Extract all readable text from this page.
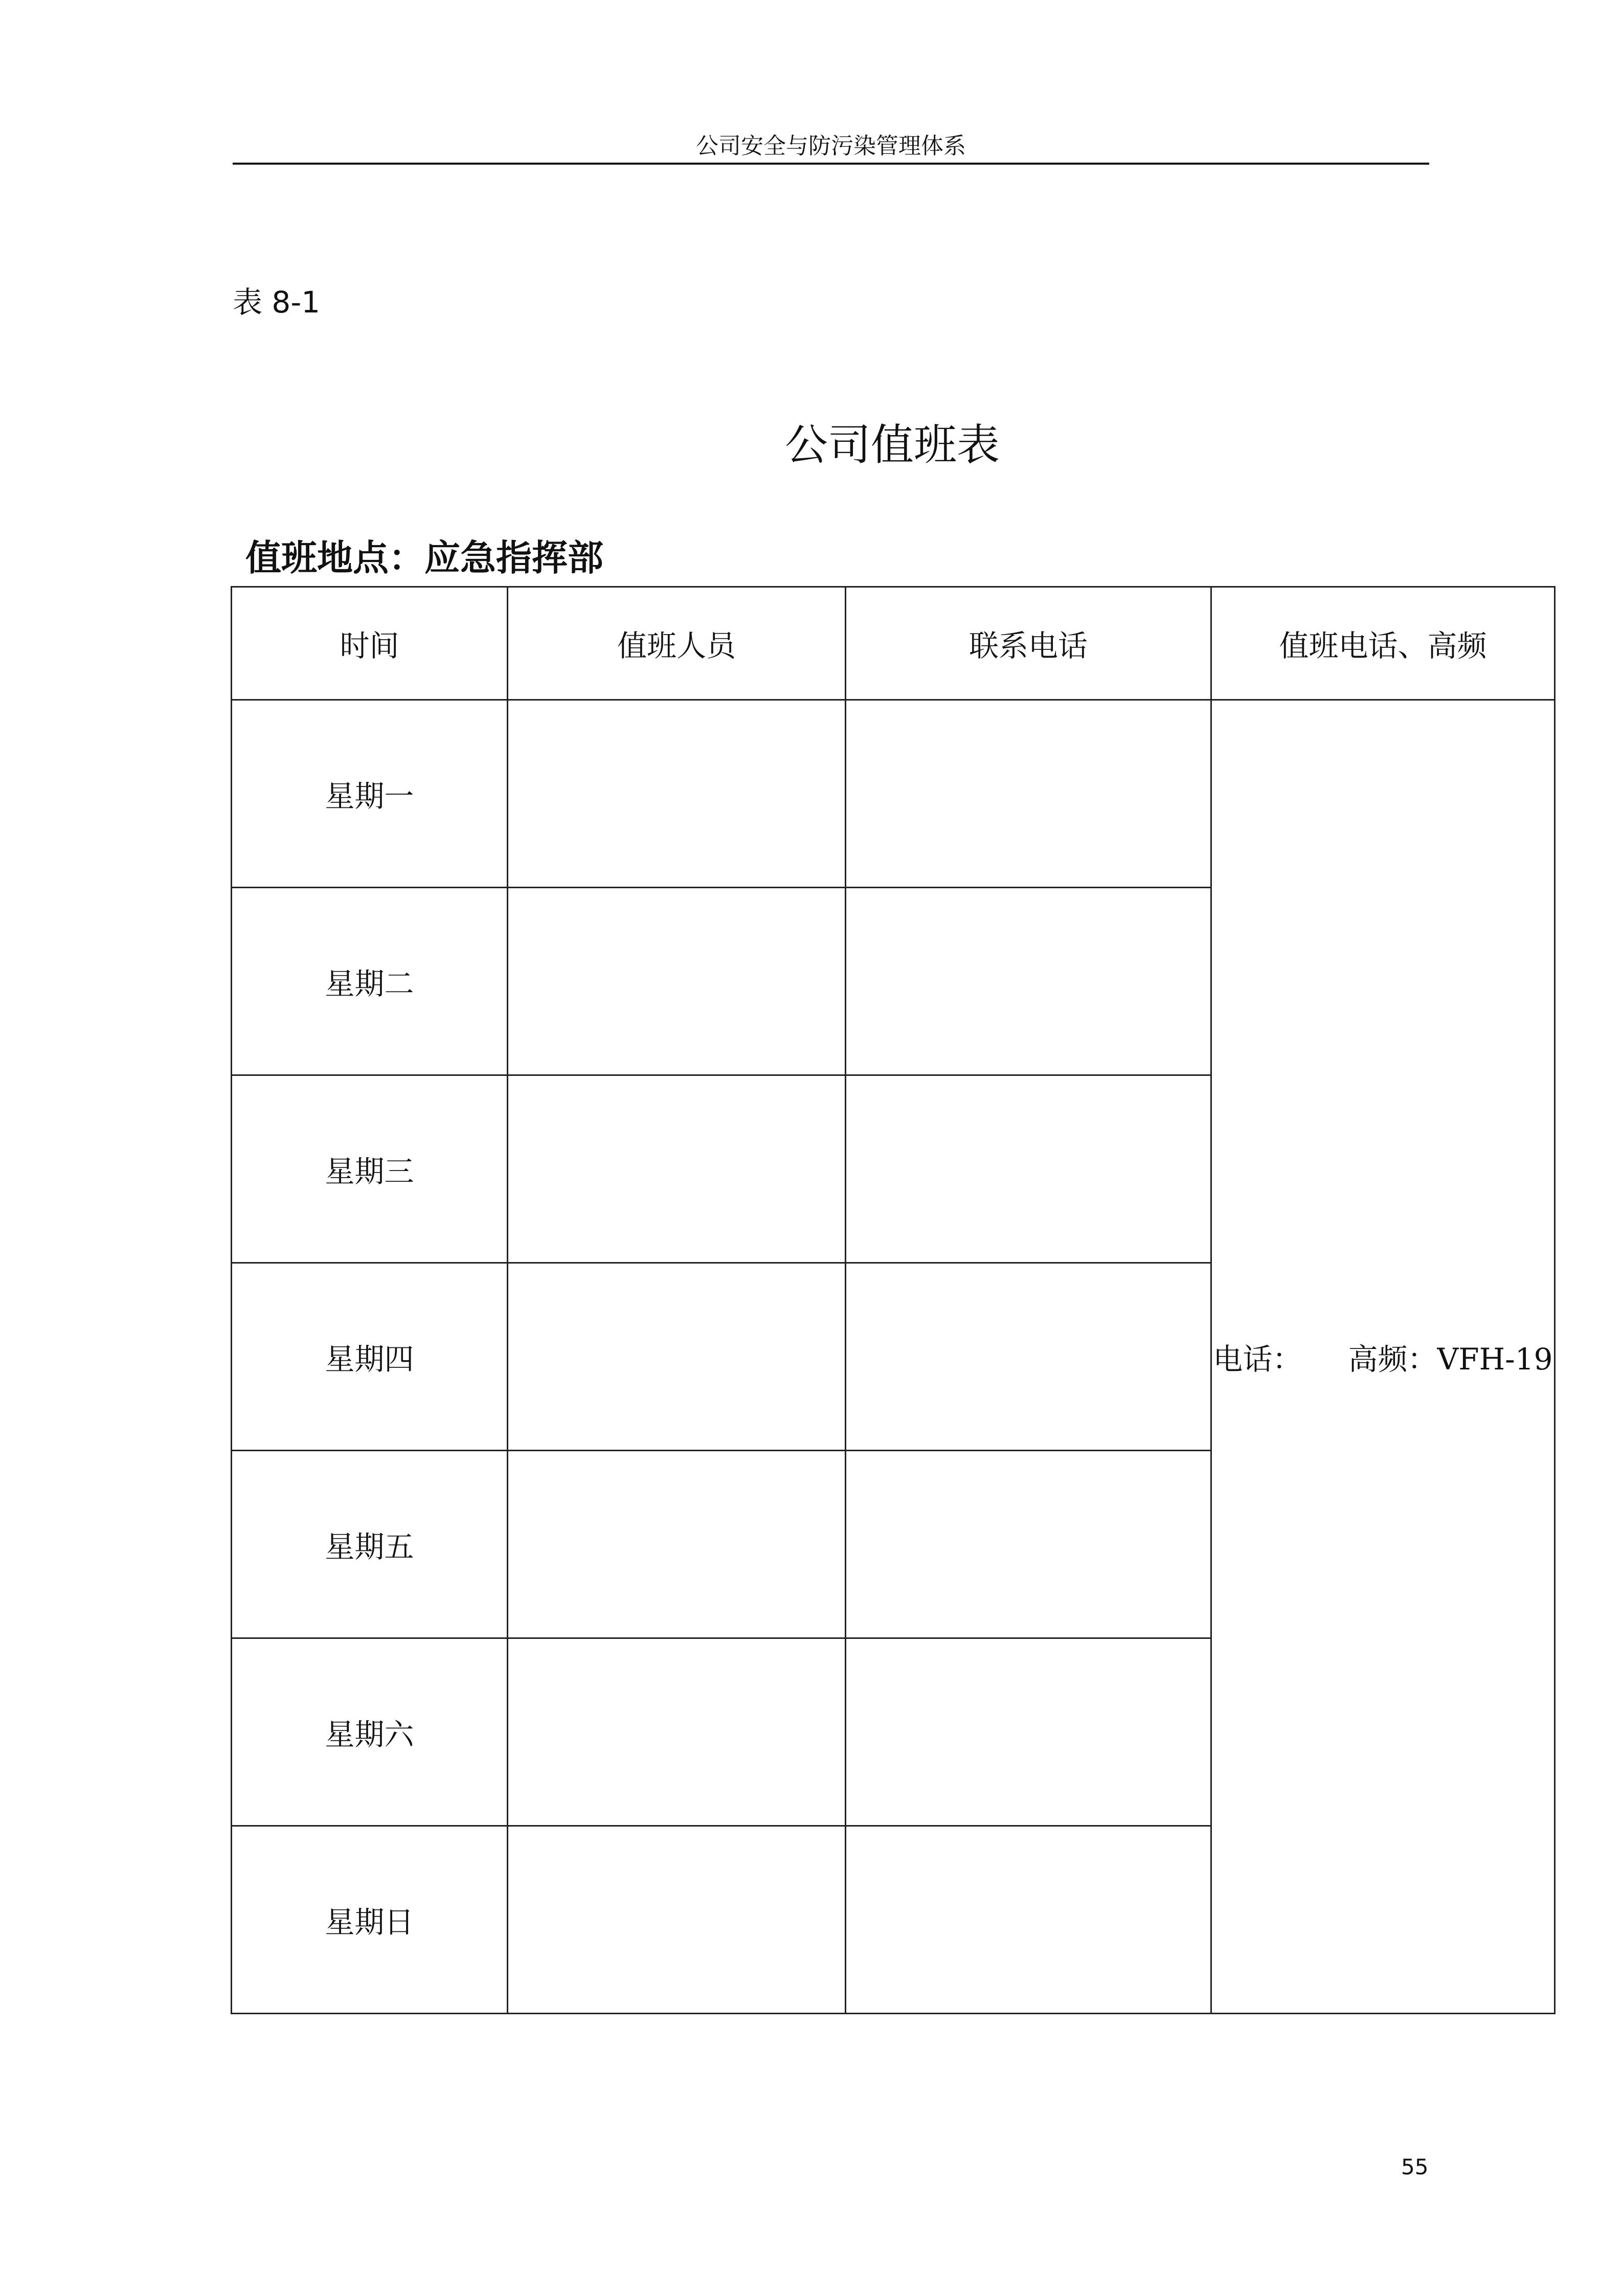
公司安全与防污染管理体系
表 8-1
公司值班表
值班地点：应急指挥部
时间	值班人员	联系电话	值班电话、高频
星期一			电话： 高频：VFH-19
星期二			
星期三			
星期四			
星期五			
星期六			
星期日			
55
